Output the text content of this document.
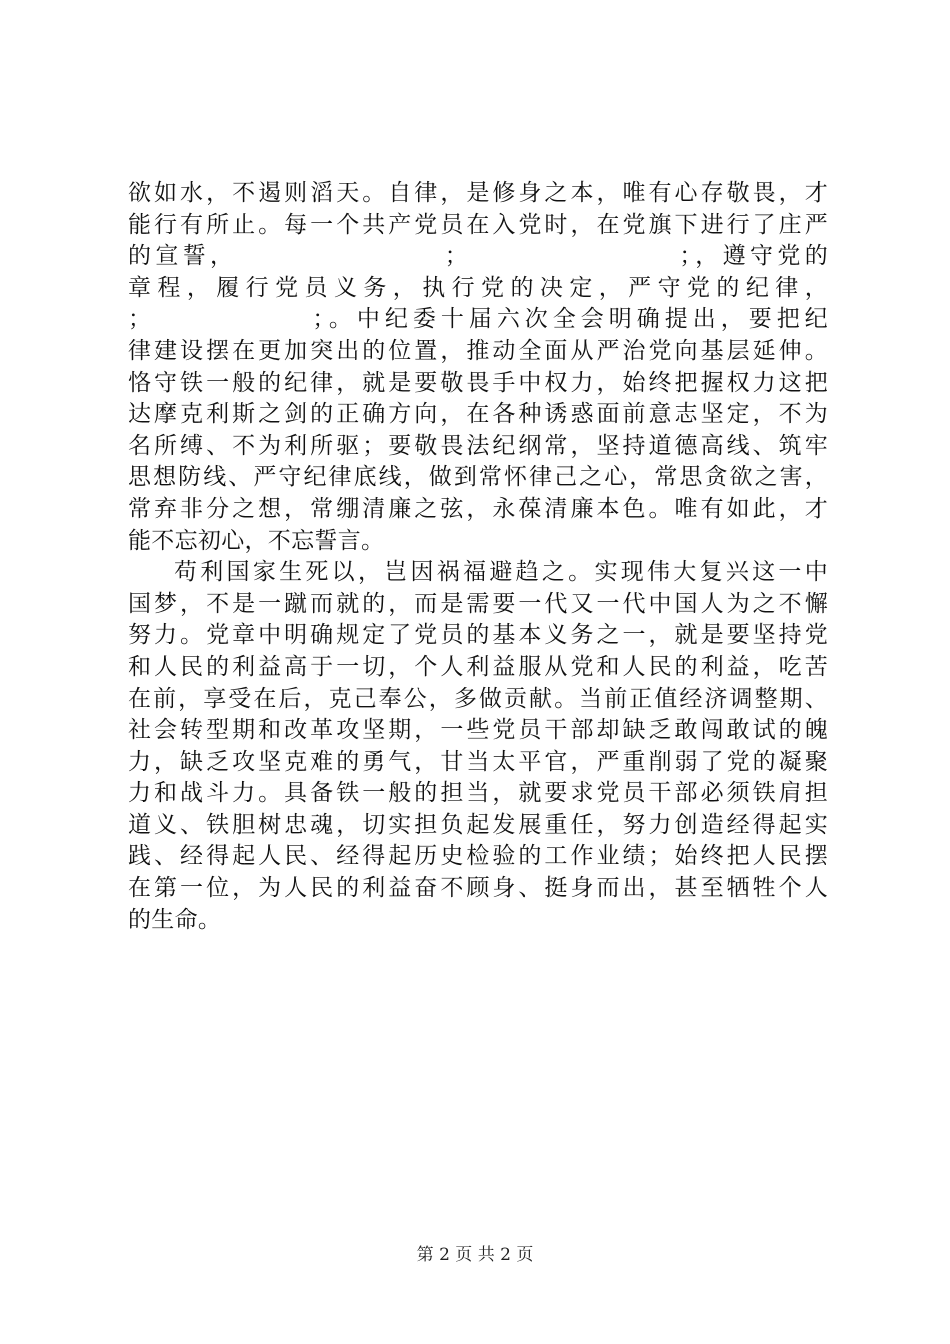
欲如水，不遏则滔天。自律，是修身之本，唯有心存敬畏，才
能行有所止。每一个共产党员在入党时，在党旗下进行了庄严
的宣誓，　　　　　　　　；　　　　　　　　；，遵守党的
章程，履行党员义务，执行党的决定，严守党的纪律，
；　　　　　　；。中纪委十届六次全会明确提出，要把纪
律建设摆在更加突出的位置，推动全面从严治党向基层延伸。
恪守铁一般的纪律，就是要敬畏手中权力，始终把握权力这把
达摩克利斯之剑的正确方向，在各种诱惑面前意志坚定，不为
名所缚、不为利所驱；要敬畏法纪纲常，坚持道德高线、筑牢
思想防线、严守纪律底线，做到常怀律己之心，常思贪欲之害，
常弃非分之想，常绷清廉之弦，永葆清廉本色。唯有如此，才
能不忘初心，不忘誓言。
苟利国家生死以，岂因祸福避趋之。实现伟大复兴这一中
国梦，不是一蹴而就的，而是需要一代又一代中国人为之不懈
努力。党章中明确规定了党员的基本义务之一，就是要坚持党
和人民的利益高于一切，个人利益服从党和人民的利益，吃苦
在前，享受在后，克己奉公，多做贡献。当前正值经济调整期、
社会转型期和改革攻坚期，一些党员干部却缺乏敢闯敢试的魄
力，缺乏攻坚克难的勇气，甘当太平官，严重削弱了党的凝聚
力和战斗力。具备铁一般的担当，就要求党员干部必须铁肩担
道义、铁胆树忠魂，切实担负起发展重任，努力创造经得起实
践、经得起人民、经得起历史检验的工作业绩；始终把人民摆
在第一位，为人民的利益奋不顾身、挺身而出，甚至牺牲个人
的生命。
第 2 页 共 2 页
